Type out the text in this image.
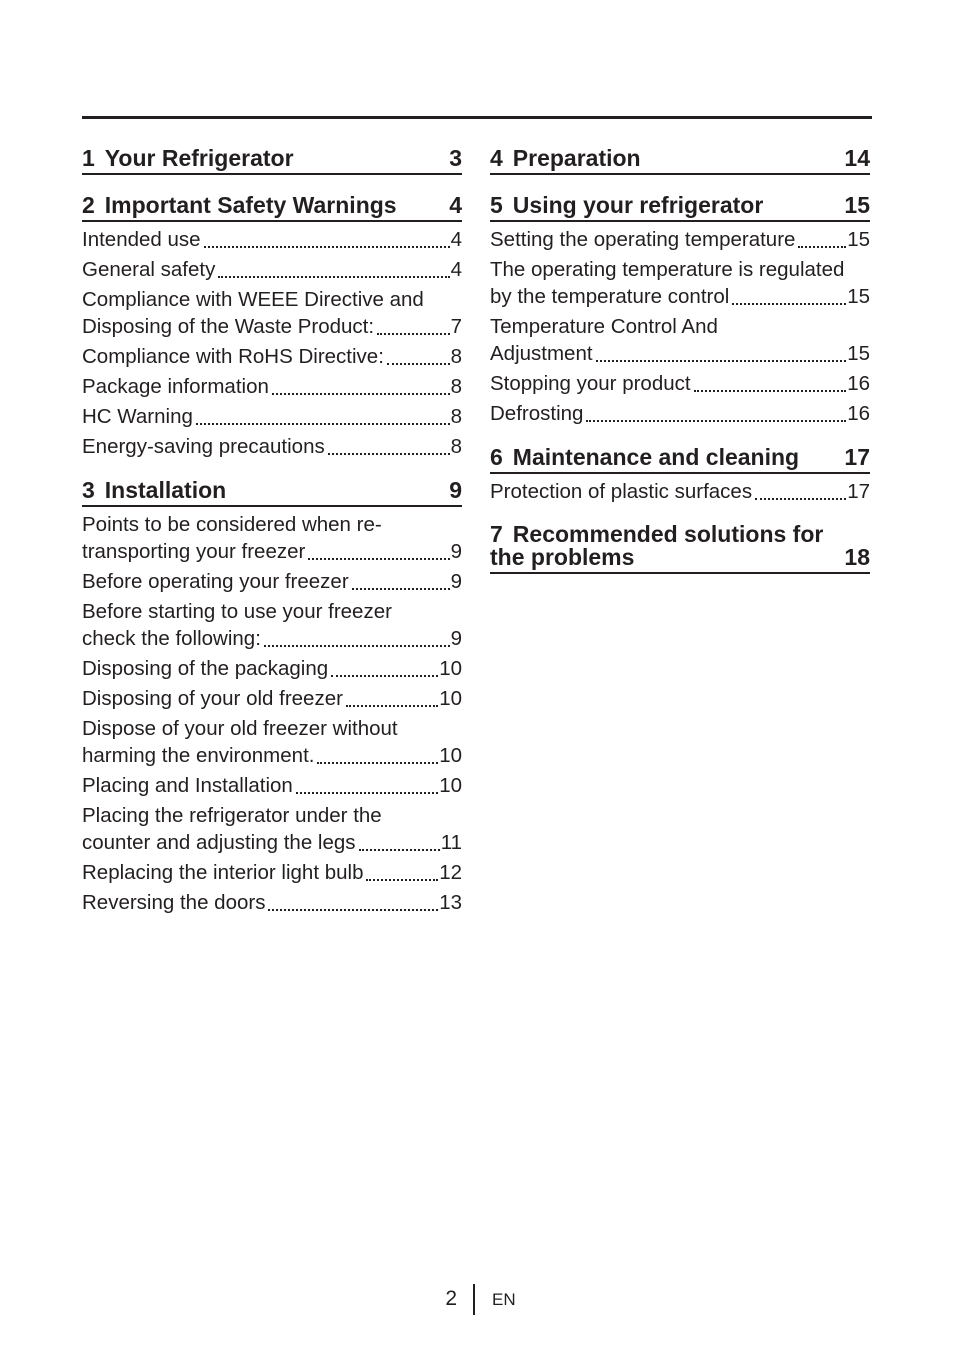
1 Your Refrigerator	3
2 Important Safety Warnings 4
Intended use	4
General safety	4
Compliance with WEEE Directive and
Disposing of the Waste Product:	7
Compliance with RoHS Directive:	8
Package information	8
HC Warning	8
Energy-saving precautions	8
3 Installation	9
Points to be considered when re-
transporting your freezer	9
Before operating your freezer	9
Before starting to use your freezer
check the following:	9
Disposing of the packaging	10
Disposing of your old freezer	10
Dispose of your old freezer without
harming the environment.	10
Placing and Installation	10
Placing the refrigerator under the
counter and adjusting the legs	11
Replacing the interior light bulb	12
Reversing the doors	13
4 Preparation	14
5 Using your refrigerator	15
Setting the operating temperature	15
The operating temperature is regulated
by the temperature control	15
Temperature Control And
Adjustment	15
Stopping your product	16
Defrosting	16
6 Maintenance and cleaning 17
Protection of plastic surfaces	17
7 Recommended solutions for
the problems	18
2 EN
